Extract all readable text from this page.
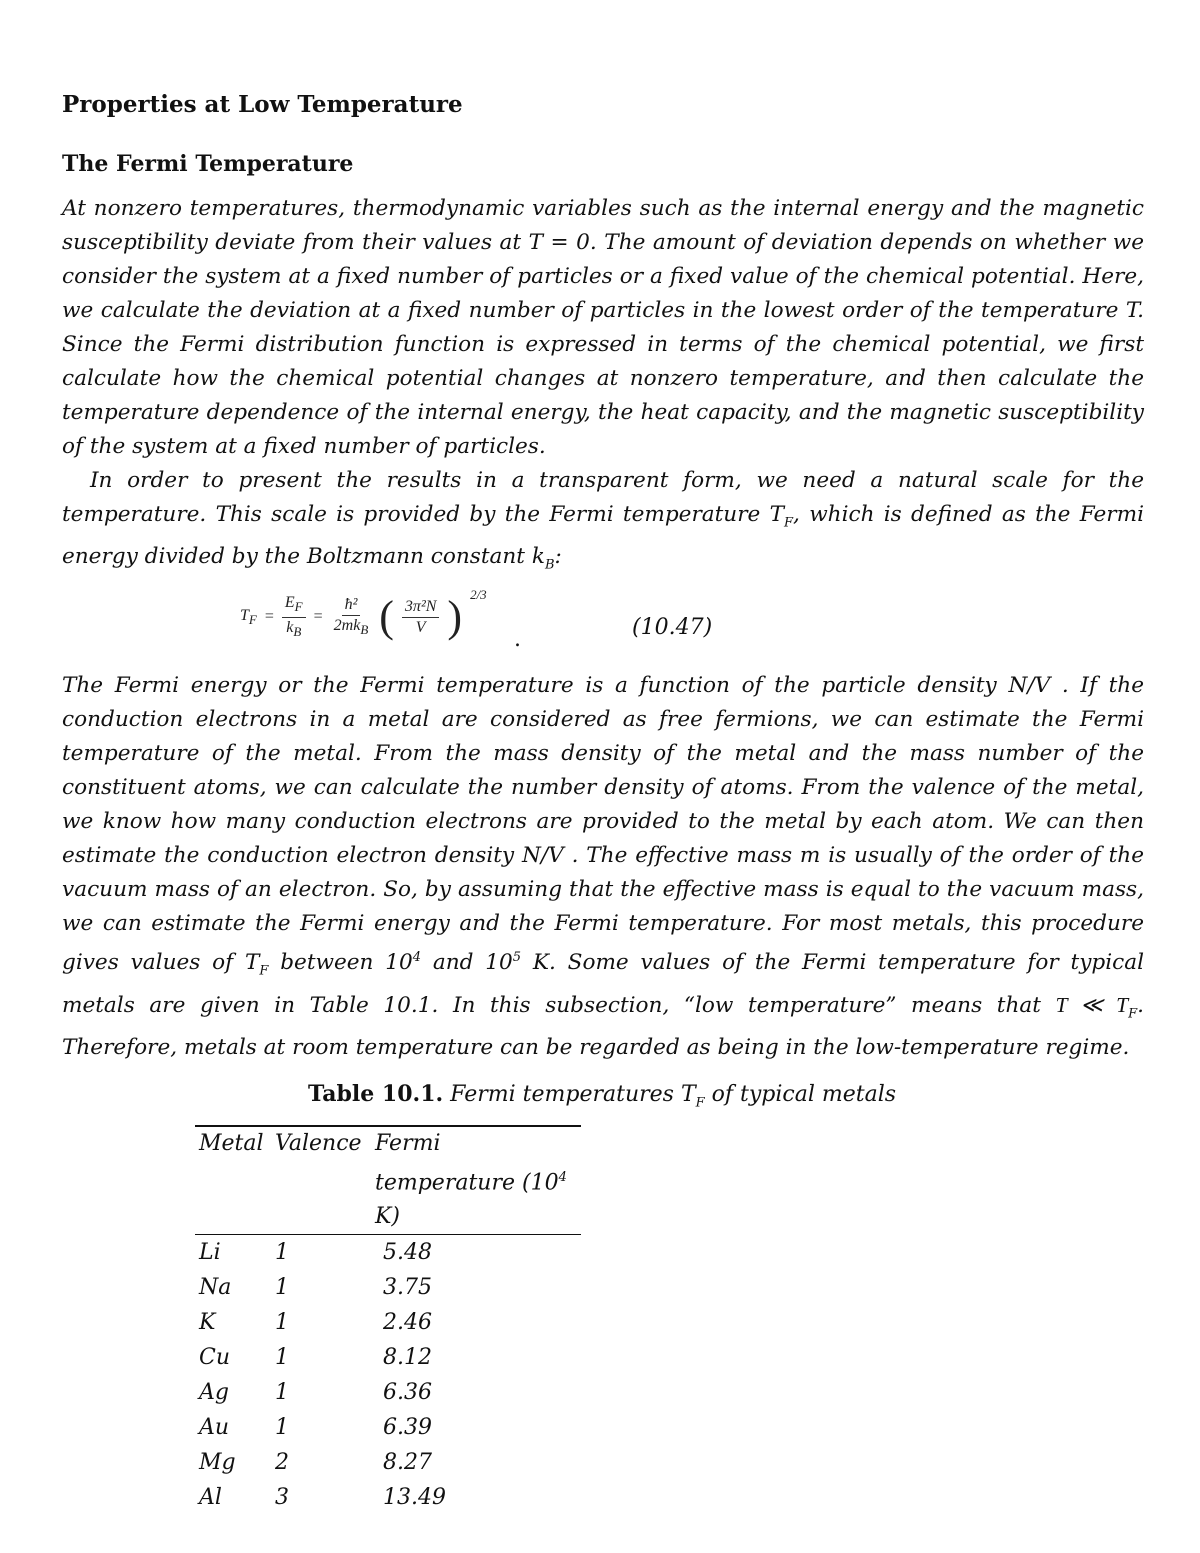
Properties at Low Temperature
The Fermi Temperature

At nonzero temperatures, thermodynamic variables such as the internal energy and the magnetic susceptibility deviate from their values at T = 0. The amount of deviation depends on whether we consider the system at a fixed number of particles or a fixed value of the chemical potential. Here, we calculate the deviation at a fixed number of particles in the lowest order of the temperature T. Since the Fermi distribution function is expressed in terms of the chemical potential, we first calculate how the chemical potential changes at nonzero temperature, and then calculate the temperature dependence of the internal energy, the heat capacity, and the magnetic susceptibility of the system at a fixed number of particles.

In order to present the results in a transparent form, we need a natural scale for the temperature. This scale is provided by the Fermi temperature $T_F$, which is defined as the Fermi energy divided by the Boltzmann constant $k_B$:

$T_F = \frac{E_F}{k_B} = \frac{\text{ħ²}}{2mk_B}$ ( $\frac{\text{3π²N}}{V}$ ) 2/3
.	(10.47)

The Fermi energy or the Fermi temperature is a function of the particle density N/V . If the conduction electrons in a metal are considered as free fermions, we can estimate the Fermi temperature of the metal. From the mass density of the metal and the mass number of the constituent atoms, we can calculate the number density of atoms. From the valence of the metal, we know how many conduction electrons are provided to the metal by each atom. We can then estimate the conduction electron density N/V . The effective mass m is usually of the order of the vacuum mass of an electron. So, by assuming that the effective mass is equal to the vacuum mass, we can estimate the Fermi energy and the Fermi temperature. For most metals, this procedure gives values of $T_F$ between $10^4$ and $10^5$ K. Some values of the Fermi temperature for typical metals are given in Table 10.1. In this subsection, “low temperature” means that T ≪ $T_F$. Therefore, metals at room temperature can be regarded as being in the low-temperature regime.

Table 10.1. Fermi temperatures $T_F$ of typical metals
Metal	Valence	Fermi temperature ($10^4$ K)
Li	1	5.48
Na	1	3.75
K	1	2.46
Cu	1	8.12
Ag	1	6.36
Au	1	6.39
Mg	2	8.27
Al	3	13.49
